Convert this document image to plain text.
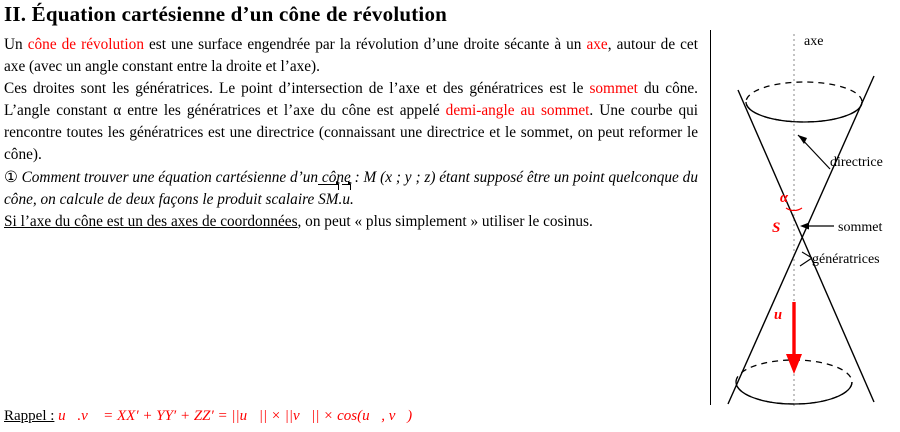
II. Équation cartésienne d’un cône de révolution

Un cône de révolution est une surface engendrée par la révolution d’une droite sécante à un axe, autour de cet axe (avec un angle constant entre la droite et l’axe).

Ces droites sont les génératrices. Le point d’intersection de l’axe et des génératrices est le sommet du cône. L’angle constant α entre les génératrices et l’axe du cône est appelé demi-angle au sommet. Une courbe qui rencontre toutes les génératrices est une directrice (connaissant une directrice et le sommet, on peut reformer le cône).

① Comment trouver une équation cartésienne d’un cône : M (x ; y ; z) étant supposé être un point quelconque du cône, on calcule de deux façons le produit scalaire SM.u.

Si l’axe du cône est un des axes de coordonnées, on peut « plus simplement » utiliser le cosinus.

axe
directrice
α
S	sommet
génératrices
u⃗
Rappel : u⃗.v⃗ = XX′ + YY′ + ZZ′ = ||u⃗|| × ||v⃗|| × cos(u⃗, v⃗)
